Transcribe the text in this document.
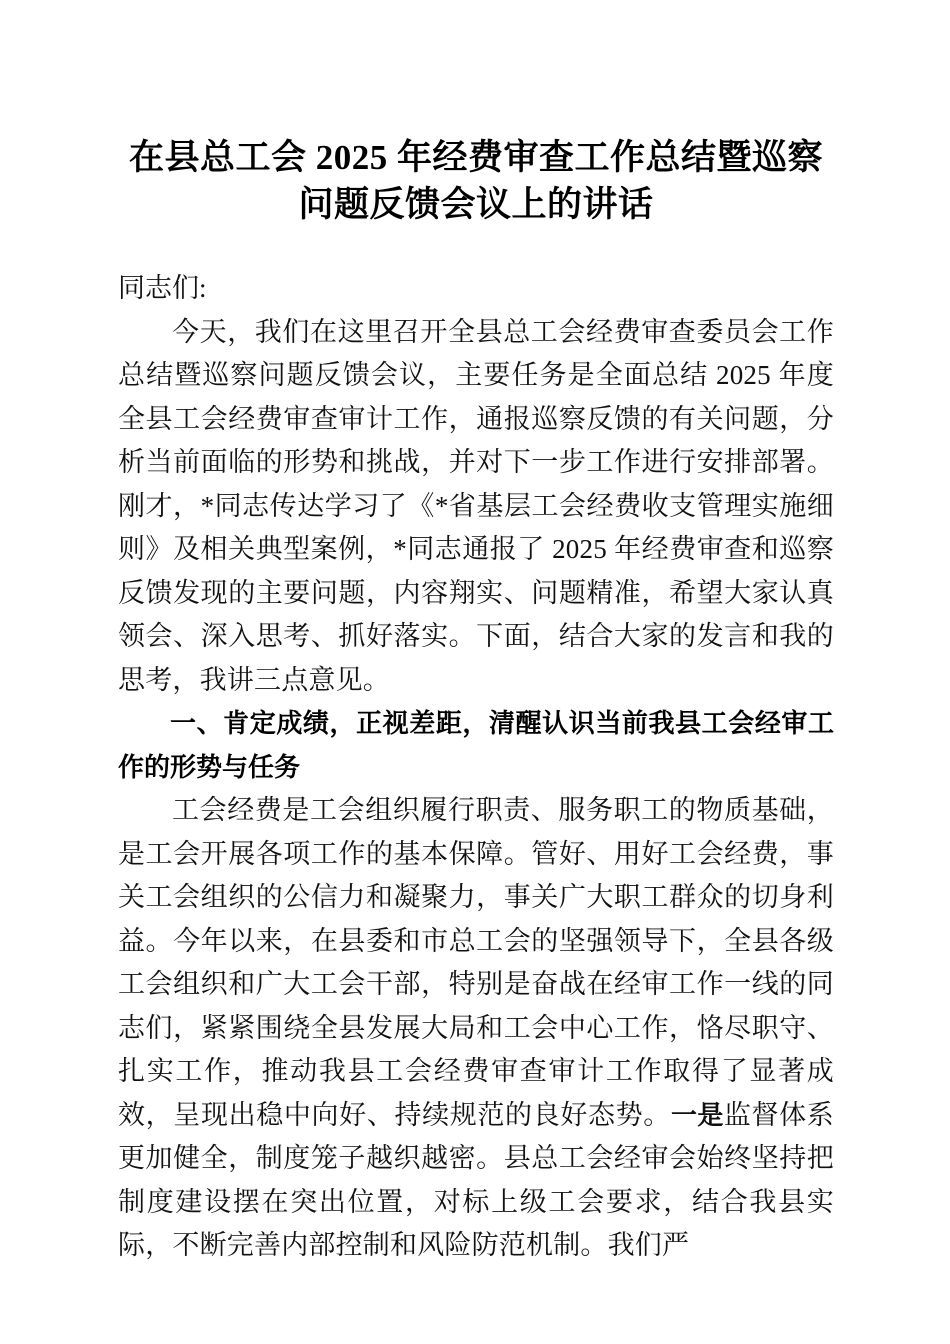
在县总工会 2025 年经费审查工作总结暨巡察问题反馈会议上的讲话

同志们:

今天，我们在这里召开全县总工会经费审查委员会工作总结暨巡察问题反馈会议，主要任务是全面总结 2025 年度全县工会经费审查审计工作，通报巡察反馈的有关问题，分析当前面临的形势和挑战，并对下一步工作进行安排部署。刚才，*同志传达学习了《*省基层工会经费收支管理实施细则》及相关典型案例，*同志通报了 2025 年经费审查和巡察反馈发现的主要问题，内容翔实、问题精准，希望大家认真领会、深入思考、抓好落实。下面，结合大家的发言和我的思考，我讲三点意见。

一、肯定成绩，正视差距，清醒认识当前我县工会经审工作的形势与任务

工会经费是工会组织履行职责、服务职工的物质基础，是工会开展各项工作的基本保障。管好、用好工会经费，事关工会组织的公信力和凝聚力，事关广大职工群众的切身利益。今年以来，在县委和市总工会的坚强领导下，全县各级工会组织和广大工会干部，特别是奋战在经审工作一线的同志们，紧紧围绕全县发展大局和工会中心工作，恪尽职守、扎实工作，推动我县工会经费审查审计工作取得了显著成效，呈现出稳中向好、持续规范的良好态势。一是监督体系更加健全，制度笼子越织越密。县总工会经审会始终坚持把制度建设摆在突出位置，对标上级工会要求，结合我县实际，不断完善内部控制和风险防范机制。我们严
